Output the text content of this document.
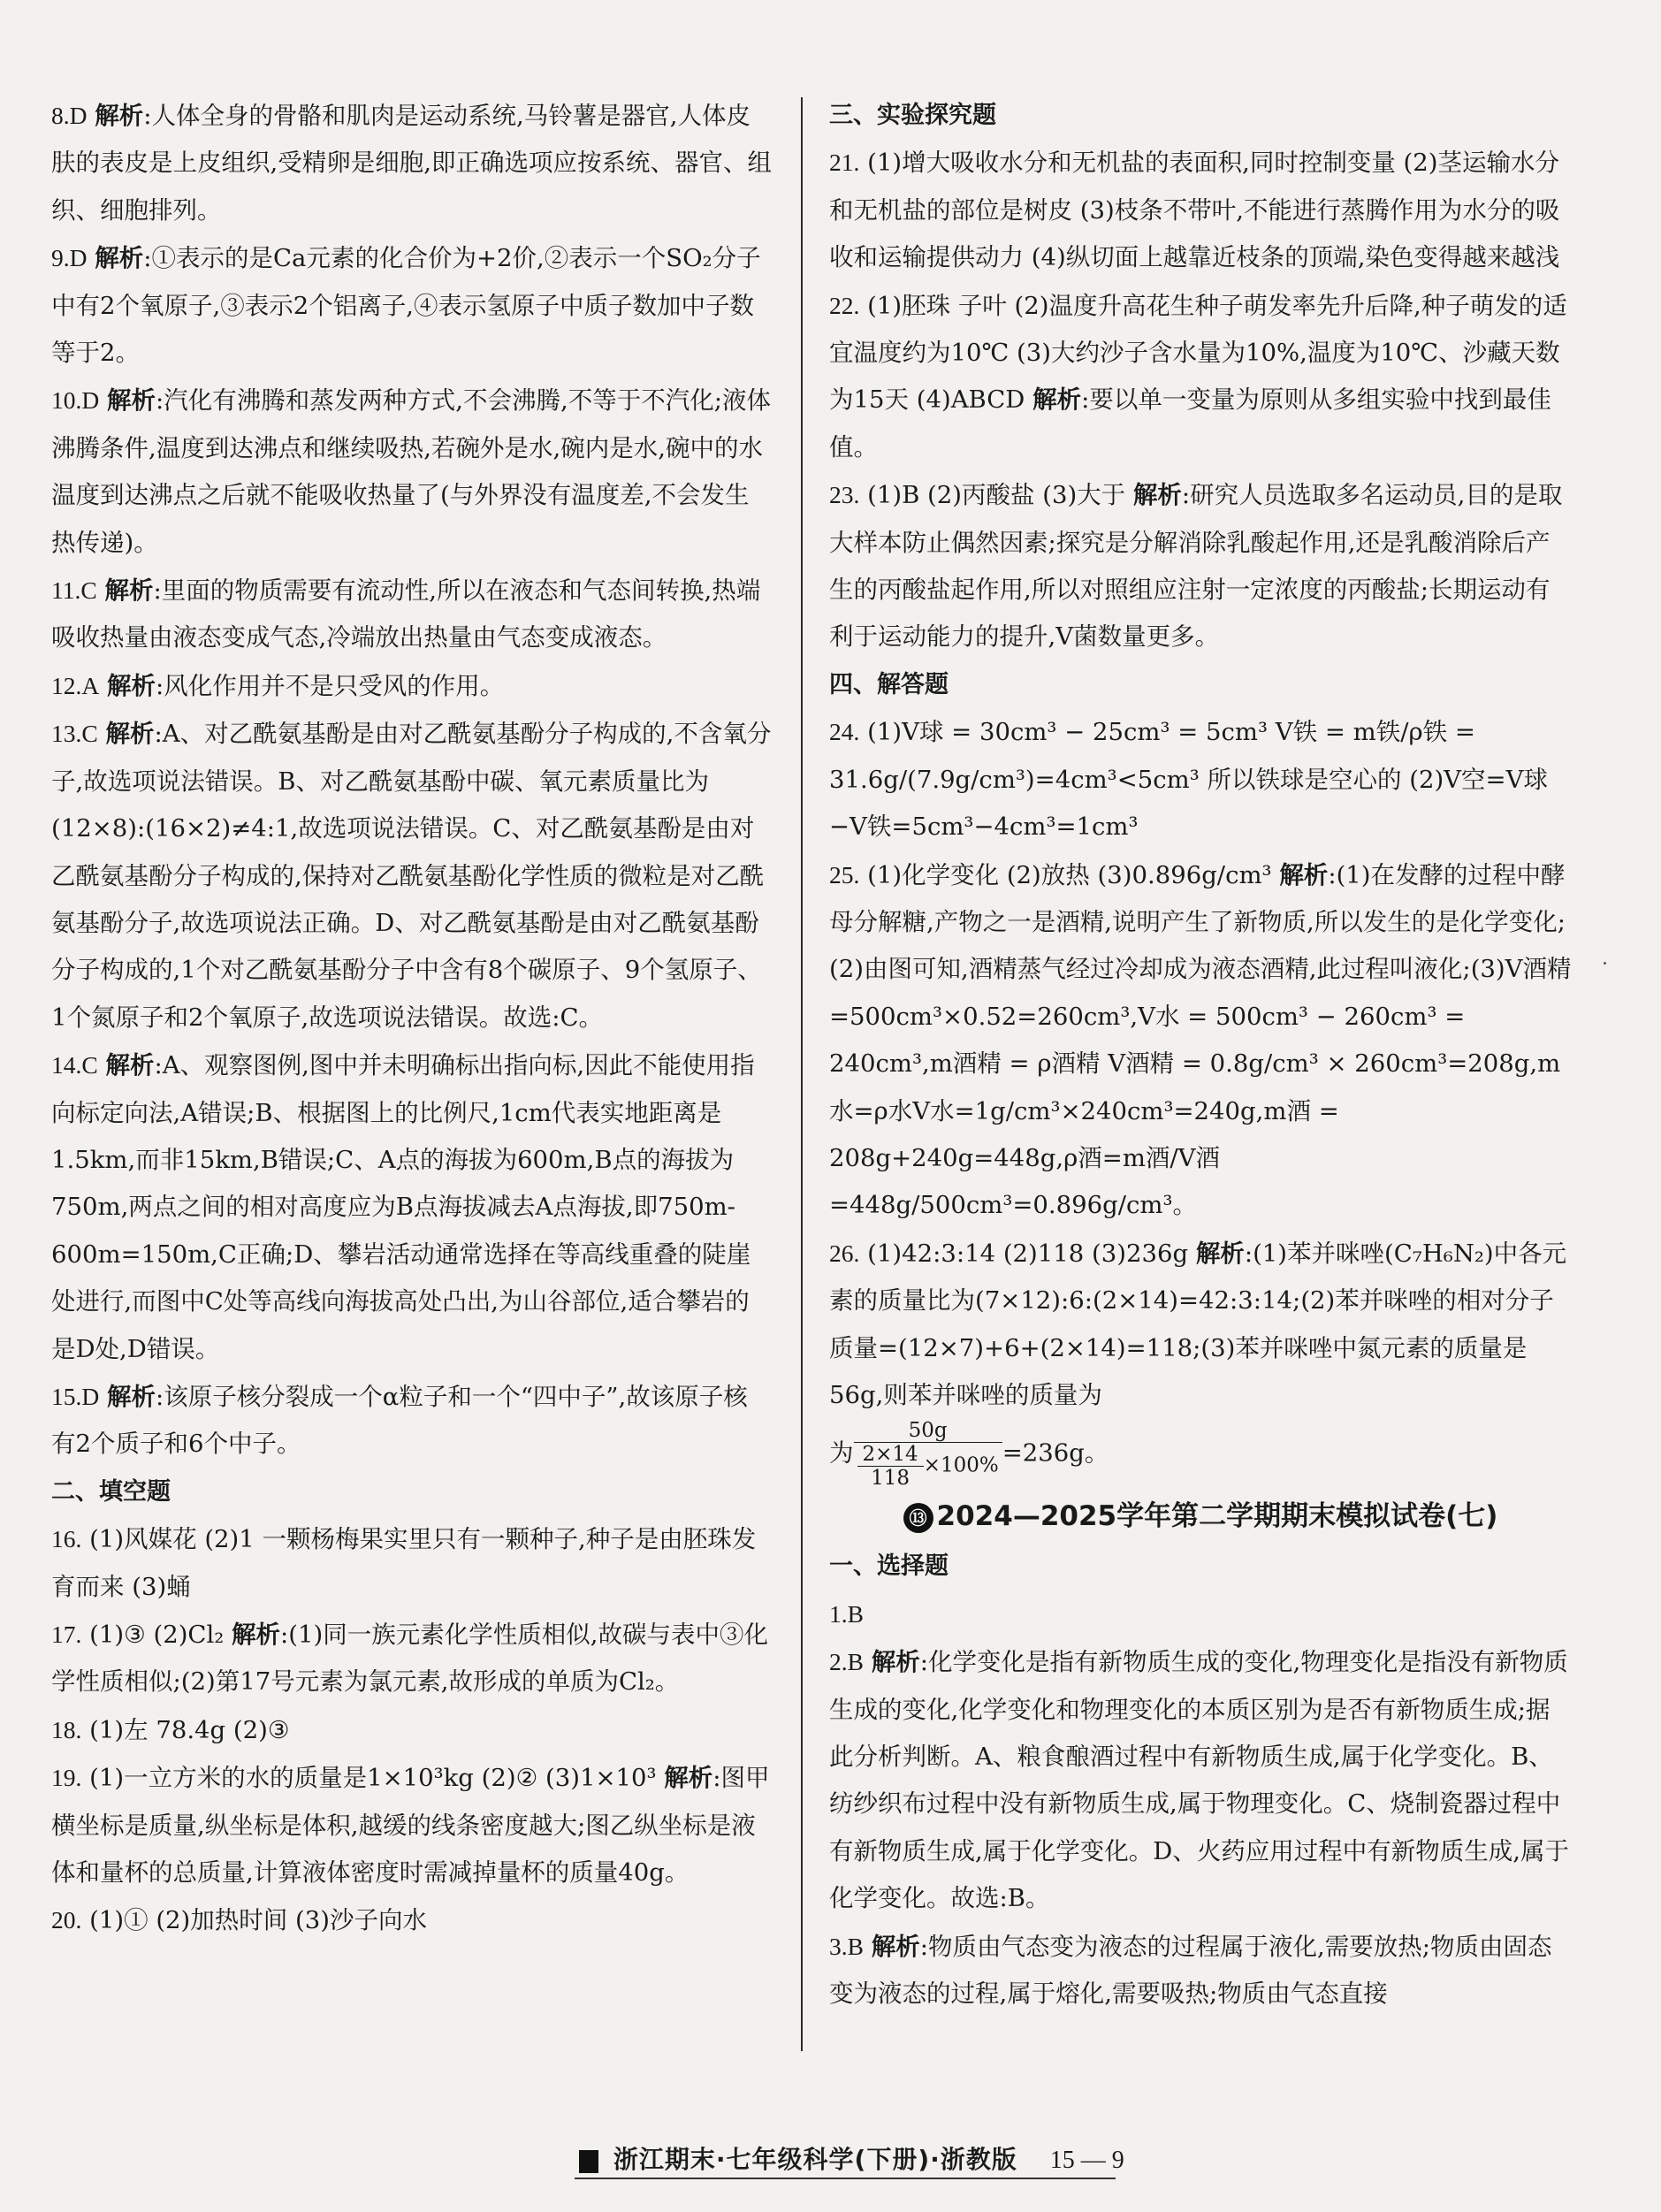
8.D 解析:人体全身的骨骼和肌肉是运动系统,马铃薯是器官,人体皮肤的表皮是上皮组织,受精卵是细胞,即正确选项应按系统、器官、组织、细胞排列。

9.D 解析:①表示的是Ca元素的化合价为+2价,②表示一个SO₂分子中有2个氧原子,③表示2个铝离子,④表示氢原子中质子数加中子数等于2。

10.D 解析:汽化有沸腾和蒸发两种方式,不会沸腾,不等于不汽化;液体沸腾条件,温度到达沸点和继续吸热,若碗外是水,碗内是水,碗中的水温度到达沸点之后就不能吸收热量了(与外界没有温度差,不会发生热传递)。

11.C 解析:里面的物质需要有流动性,所以在液态和气态间转换,热端吸收热量由液态变成气态,冷端放出热量由气态变成液态。

12.A 解析:风化作用并不是只受风的作用。

13.C 解析:A、对乙酰氨基酚是由对乙酰氨基酚分子构成的,不含氧分子,故选项说法错误。B、对乙酰氨基酚中碳、氧元素质量比为(12×8):(16×2)≠4:1,故选项说法错误。C、对乙酰氨基酚是由对乙酰氨基酚分子构成的,保持对乙酰氨基酚化学性质的微粒是对乙酰氨基酚分子,故选项说法正确。D、对乙酰氨基酚是由对乙酰氨基酚分子构成的,1个对乙酰氨基酚分子中含有8个碳原子、9个氢原子、1个氮原子和2个氧原子,故选项说法错误。故选:C。

14.C 解析:A、观察图例,图中并未明确标出指向标,因此不能使用指向标定向法,A错误;B、根据图上的比例尺,1cm代表实地距离是1.5km,而非15km,B错误;C、A点的海拔为600m,B点的海拔为750m,两点之间的相对高度应为B点海拔减去A点海拔,即750m-600m=150m,C正确;D、攀岩活动通常选择在等高线重叠的陡崖处进行,而图中C处等高线向海拔高处凸出,为山谷部位,适合攀岩的是D处,D错误。

15.D 解析:该原子核分裂成一个α粒子和一个“四中子”,故该原子核有2个质子和6个中子。

二、填空题

16. (1)风媒花 (2)1 一颗杨梅果实里只有一颗种子,种子是由胚珠发育而来 (3)蛹

17. (1)③ (2)Cl₂ 解析:(1)同一族元素化学性质相似,故碳与表中③化学性质相似;(2)第17号元素为氯元素,故形成的单质为Cl₂。

18. (1)左 78.4g (2)③

19. (1)一立方米的水的质量是1×10³kg (2)② (3)1×10³ 解析:图甲横坐标是质量,纵坐标是体积,越缓的线条密度越大;图乙纵坐标是液体和量杯的总质量,计算液体密度时需减掉量杯的质量40g。

20. (1)① (2)加热时间 (3)沙子向水

三、实验探究题

21. (1)增大吸收水分和无机盐的表面积,同时控制变量 (2)茎运输水分和无机盐的部位是树皮 (3)枝条不带叶,不能进行蒸腾作用为水分的吸收和运输提供动力 (4)纵切面上越靠近枝条的顶端,染色变得越来越浅

22. (1)胚珠 子叶 (2)温度升高花生种子萌发率先升后降,种子萌发的适宜温度约为10℃ (3)大约沙子含水量为10%,温度为10℃、沙藏天数为15天 (4)ABCD 解析:要以单一变量为原则从多组实验中找到最佳值。

23. (1)B (2)丙酸盐 (3)大于 解析:研究人员选取多名运动员,目的是取大样本防止偶然因素;探究是分解消除乳酸起作用,还是乳酸消除后产生的丙酸盐起作用,所以对照组应注射一定浓度的丙酸盐;长期运动有利于运动能力的提升,V菌数量更多。

四、解答题

24. (1)V球 = 30cm³ − 25cm³ = 5cm³ V铁 = m铁/ρ铁 = 31.6g/(7.9g/cm³)=4cm³<5cm³ 所以铁球是空心的 (2)V空=V球 −V铁=5cm³−4cm³=1cm³

25. (1)化学变化 (2)放热 (3)0.896g/cm³ 解析:(1)在发酵的过程中酵母分解糖,产物之一是酒精,说明产生了新物质,所以发生的是化学变化;(2)由图可知,酒精蒸气经过冷却成为液态酒精,此过程叫液化;(3)V酒精=500cm³×0.52=260cm³,V水 = 500cm³ − 260cm³ = 240cm³,m酒精 = ρ酒精 V酒精 = 0.8g/cm³ × 260cm³=208g,m水=ρ水V水=1g/cm³×240cm³=240g,m酒 = 208g+240g=448g,ρ酒=m酒/V酒=448g/500cm³=0.896g/cm³。

26. (1)42:3:14 (2)118 (3)236g 解析:(1)苯并咪唑(C₇H₆N₂)中各元素的质量比为(7×12):6:(2×14)=42:3:14;(2)苯并咪唑的相对分子质量=(12×7)+6+(2×14)=118;(3)苯并咪唑中氮元素的质量是56g,则苯并咪唑的质量为

为 $\frac{50g}{\frac{2\times 14}{118} \times 100\%} =236g$。

⑬ 2024—2025学年第二学期期末模拟试卷(七)

一、选择题

1.B

2.B 解析:化学变化是指有新物质生成的变化,物理变化是指没有新物质生成的变化,化学变化和物理变化的本质区别为是否有新物质生成;据此分析判断。A、粮食酿酒过程中有新物质生成,属于化学变化。B、纺纱织布过程中没有新物质生成,属于物理变化。C、烧制瓷器过程中有新物质生成,属于化学变化。D、火药应用过程中有新物质生成,属于化学变化。故选:B。

3.B 解析:物质由气态变为液态的过程属于液化,需要放热;物质由固态变为液态的过程,属于熔化,需要吸热;物质由气态直接

浙江期末·七年级科学(下册)·浙教版 15 — 9
